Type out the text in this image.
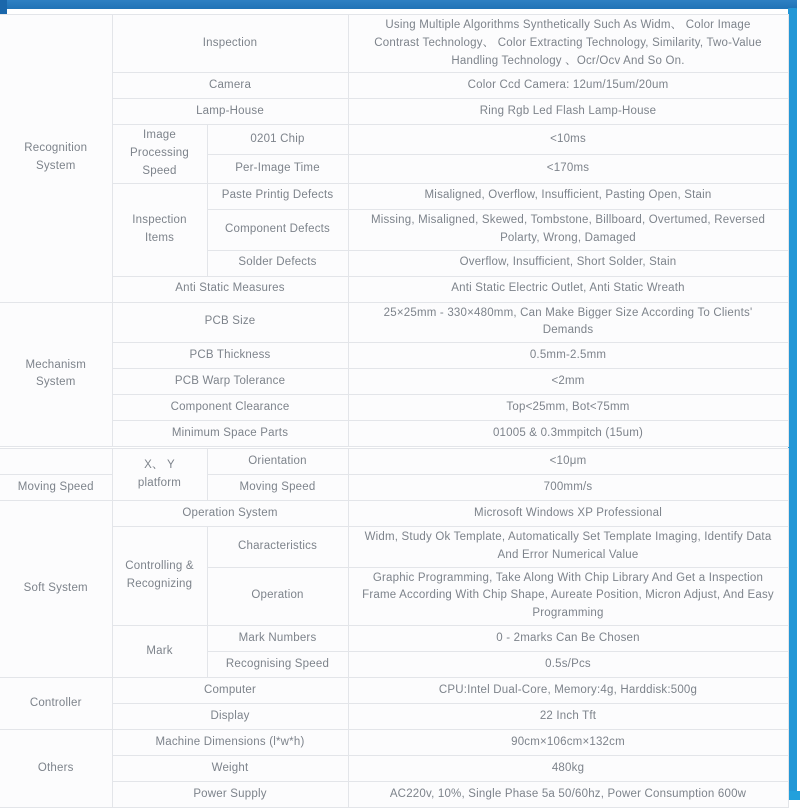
Recognition System	Inspection		Using Multiple Algorithms Synthetically Such As Widm、 Color Image Contrast Technology、 Color Extracting Technology, Similarity, Two-Value Handling Technology 、Ocr/Ocv And So On.
	Camera		Color Ccd Camera: 12um/15um/20um
	Lamp-House		Ring Rgb Led Flash Lamp-House
	Image Processing Speed	0201 Chip	<10ms
		Per-Image Time	<170ms
	Inspection Items	Paste Printig Defects	Misaligned, Overflow, Insufficient, Pasting Open, Stain
		Component Defects	Missing, Misaligned, Skewed, Tombstone, Billboard, Overtumed, Reversed Polarty, Wrong, Damaged
		Solder Defects	Overflow, Insufficient, Short Solder, Stain
	Anti Static Measures		Anti Static Electric Outlet, Anti Static Wreath
Mechanism System	PCB Size		25×25mm - 330×480mm, Can Make Bigger Size According To Clients' Demands
	PCB Thickness		0.5mm-2.5mm
	PCB Warp Tolerance		<2mm
	Component Clearance		Top<25mm, Bot<75mm
	Minimum Space Parts		01005 & 0.3mmpitch (15um)
	X、 Y platform	Orientation	<10μm
Moving Speed		Moving Speed	700mm/s
Soft System	Operation System		Microsoft Windows XP Professional
	Controlling & Recognizing	Characteristics	Widm, Study Ok Template, Automatically Set Template Imaging, Identify Data And Error Numerical Value
		Operation	Graphic Programming, Take Along With Chip Library And Get a Inspection Frame According With Chip Shape, Aureate Position, Micron Adjust, And Easy Programming
	Mark	Mark Numbers	0 - 2marks Can Be Chosen
		Recognising Speed	0.5s/Pcs
Controller	Computer		CPU:Intel Dual-Core, Memory:4g, Harddisk:500g
	Display		22 Inch Tft
Others	Machine Dimensions (l*w*h)		90cm×106cm×132cm
	Weight		480kg
	Power Supply		AC220v, 10%, Single Phase 5a 50/60hz, Power Consumption 600w
